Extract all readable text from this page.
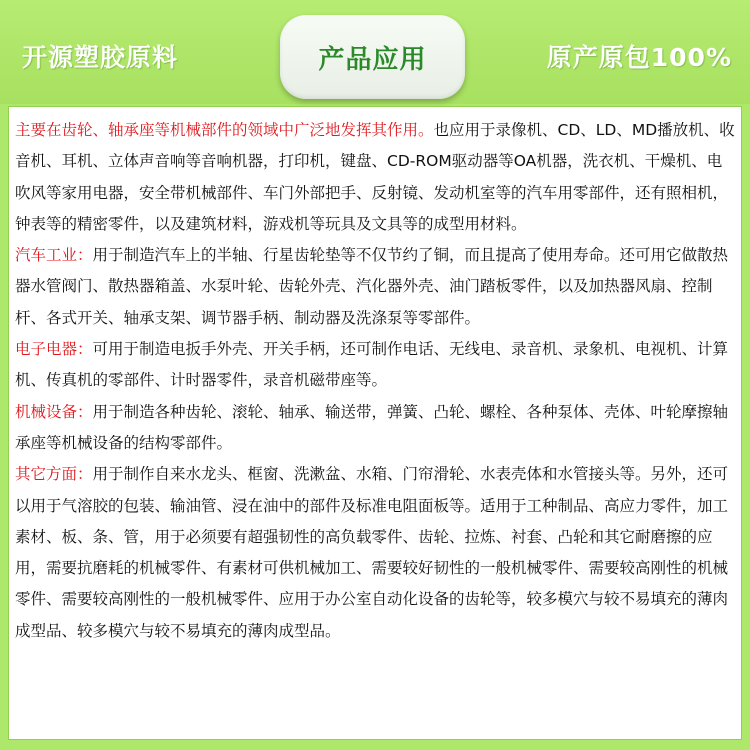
开源塑胶原料	产品应用	原产原包100%

主要在齿轮、轴承座等机械部件的领域中广泛地发挥其作用。也应用于录像机、CD、LD、MD播放机、收音机、耳机、立体声音响等音响机器，打印机，键盘、CD-ROM驱动器等OA机器，洗衣机、干燥机、电吹风等家用电器，安全带机械部件、车门外部把手、反射镜、发动机室等的汽车用零部件，还有照相机，钟表等的精密零件，以及建筑材料，游戏机等玩具及文具等的成型用材料。

汽车工业：用于制造汽车上的半轴、行星齿轮垫等不仅节约了铜，而且提高了使用寿命。还可用它做散热器水管阀门、散热器箱盖、水泵叶轮、齿轮外壳、汽化器外壳、油门踏板零件，以及加热器风扇、控制杆、各式开关、轴承支架、调节器手柄、制动器及洗涤泵等零部件。

电子电器：可用于制造电扳手外壳、开关手柄，还可制作电话、无线电、录音机、录象机、电视机、计算机、传真机的零部件、计时器零件，录音机磁带座等。

机械设备：用于制造各种齿轮、滚轮、轴承、输送带，弹簧、凸轮、螺栓、各种泵体、壳体、叶轮摩擦轴承座等机械设备的结构零部件。

其它方面：用于制作自来水龙头、框窗、洗漱盆、水箱、门帘滑轮、水表壳体和水管接头等。另外，还可以用于气溶胶的包装、输油管、浸在油中的部件及标准电阻面板等。适用于工种制品、高应力零件，加工素材、板、条、管，用于必须要有超强韧性的高负载零件、齿轮、拉炼、衬套、凸轮和其它耐磨擦的应用，需要抗磨耗的机械零件、有素材可供机械加工、需要较好韧性的一般机械零件、需要较高刚性的机械零件、需要较高刚性的一般机械零件、应用于办公室自动化设备的齿轮等，较多模穴与较不易填充的薄肉成型品、较多模穴与较不易填充的薄肉成型品。
